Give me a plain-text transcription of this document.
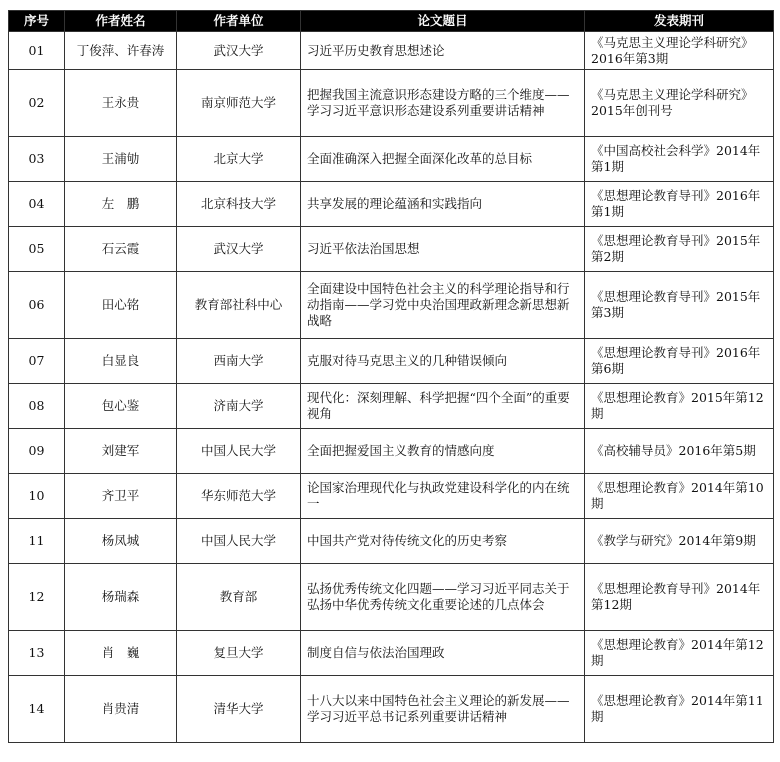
序号	作者姓名	作者单位	论文题目	发表期刊
01	丁俊萍、许春涛	武汉大学	习近平历史教育思想述论	《马克思主义理论学科研究》2016年第3期
02	王永贵	南京师范大学	把握我国主流意识形态建设方略的三个维度——学习习近平意识形态建设系列重要讲话精神	《马克思主义理论学科研究》2015年创刊号
03	王浦劬	北京大学	全面准确深入把握全面深化改革的总目标	《中国高校社会科学》2014年第1期
04	左　鹏	北京科技大学	共享发展的理论蕴涵和实践指向	《思想理论教育导刊》2016年第1期
05	石云霞	武汉大学	习近平依法治国思想	《思想理论教育导刊》2015年第2期
06	田心铭	教育部社科中心	全面建设中国特色社会主义的科学理论指导和行动指南——学习党中央治国理政新理念新思想新战略	《思想理论教育导刊》2015年第3期
07	白显良	西南大学	克服对待马克思主义的几种错误倾向	《思想理论教育导刊》2016年第6期
08	包心鉴	济南大学	现代化：深刻理解、科学把握“四个全面”的重要视角	《思想理论教育》2015年第12期
09	刘建军	中国人民大学	全面把握爱国主义教育的情感向度	《高校辅导员》2016年第5期
10	齐卫平	华东师范大学	论国家治理现代化与执政党建设科学化的内在统一	《思想理论教育》2014年第10期
11	杨凤城	中国人民大学	中国共产党对待传统文化的历史考察	《教学与研究》2014年第9期
12	杨瑞森	教育部	弘扬优秀传统文化四题——学习习近平同志关于弘扬中华优秀传统文化重要论述的几点体会	《思想理论教育导刊》2014年第12期
13	肖　巍	复旦大学	制度自信与依法治国理政	《思想理论教育》2014年第12期
14	肖贵清	清华大学	十八大以来中国特色社会主义理论的新发展——学习习近平总书记系列重要讲话精神	《思想理论教育》2014年第11期
